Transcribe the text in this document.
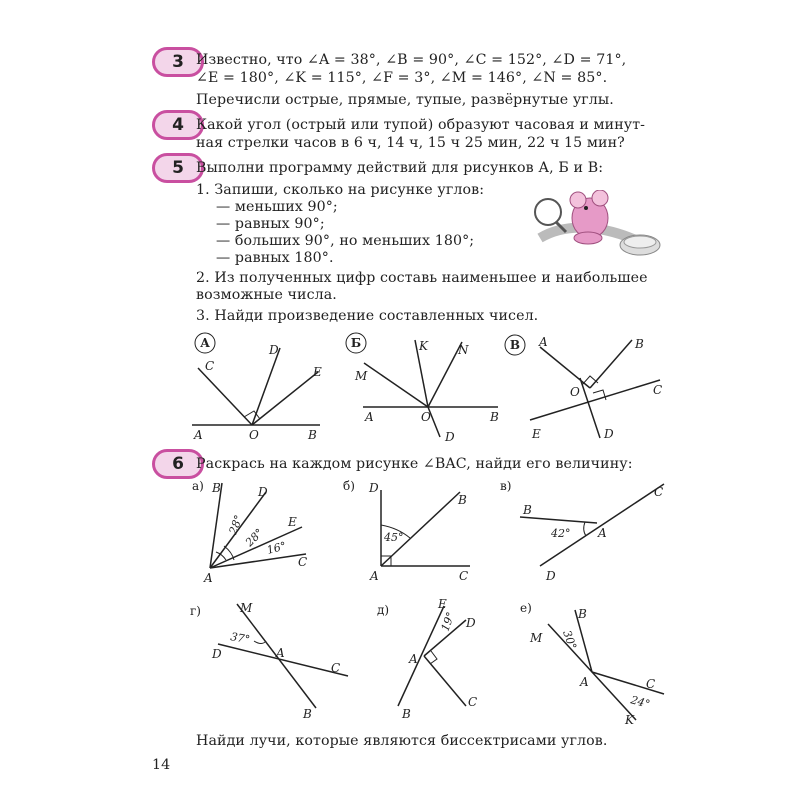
3 Известно, что ∠A = 38°, ∠B = 90°, ∠C = 152°, ∠D = 71°,
∠E = 180°, ∠K = 115°, ∠F = 3°, ∠M = 146°, ∠N = 85°.
Перечисли острые, прямые, тупые, развёрнутые углы.
4 Какой угол (острый или тупой) образуют часовая и минут-
ная стрелки часов в 6 ч, 14 ч, 15 ч 25 мин, 22 ч 15 мин?
5 Выполни программу действий для рисунков А, Б и В:
1. Запиши, сколько на рисунке углов:
— меньших 90°;
— равных 90°;
— больших 90°, но меньших 180°;
— равных 180°.
2. Из полученных цифр составь наименьшее и наибольшее
возможные числа.
3. Найди произведение составленных чисел.
А
C
D
E
A	O	B
Б
M
K	N
A	O	B
D
В A	B
O	C
E	D
6 Раскрась на каждом рисунке ∠BAC, найди его величину:
а) B	D
E
C
A
28°
28° 16°
б) D
B
A	C
45°
в)	C
B
A
D
42°
г)	M
D	A
C
B
37°
д)	E
D
A
C
B
19°
е)	B
M
A	C
K
30°
24°
Найди лучи, которые являются биссектрисами углов.
14
